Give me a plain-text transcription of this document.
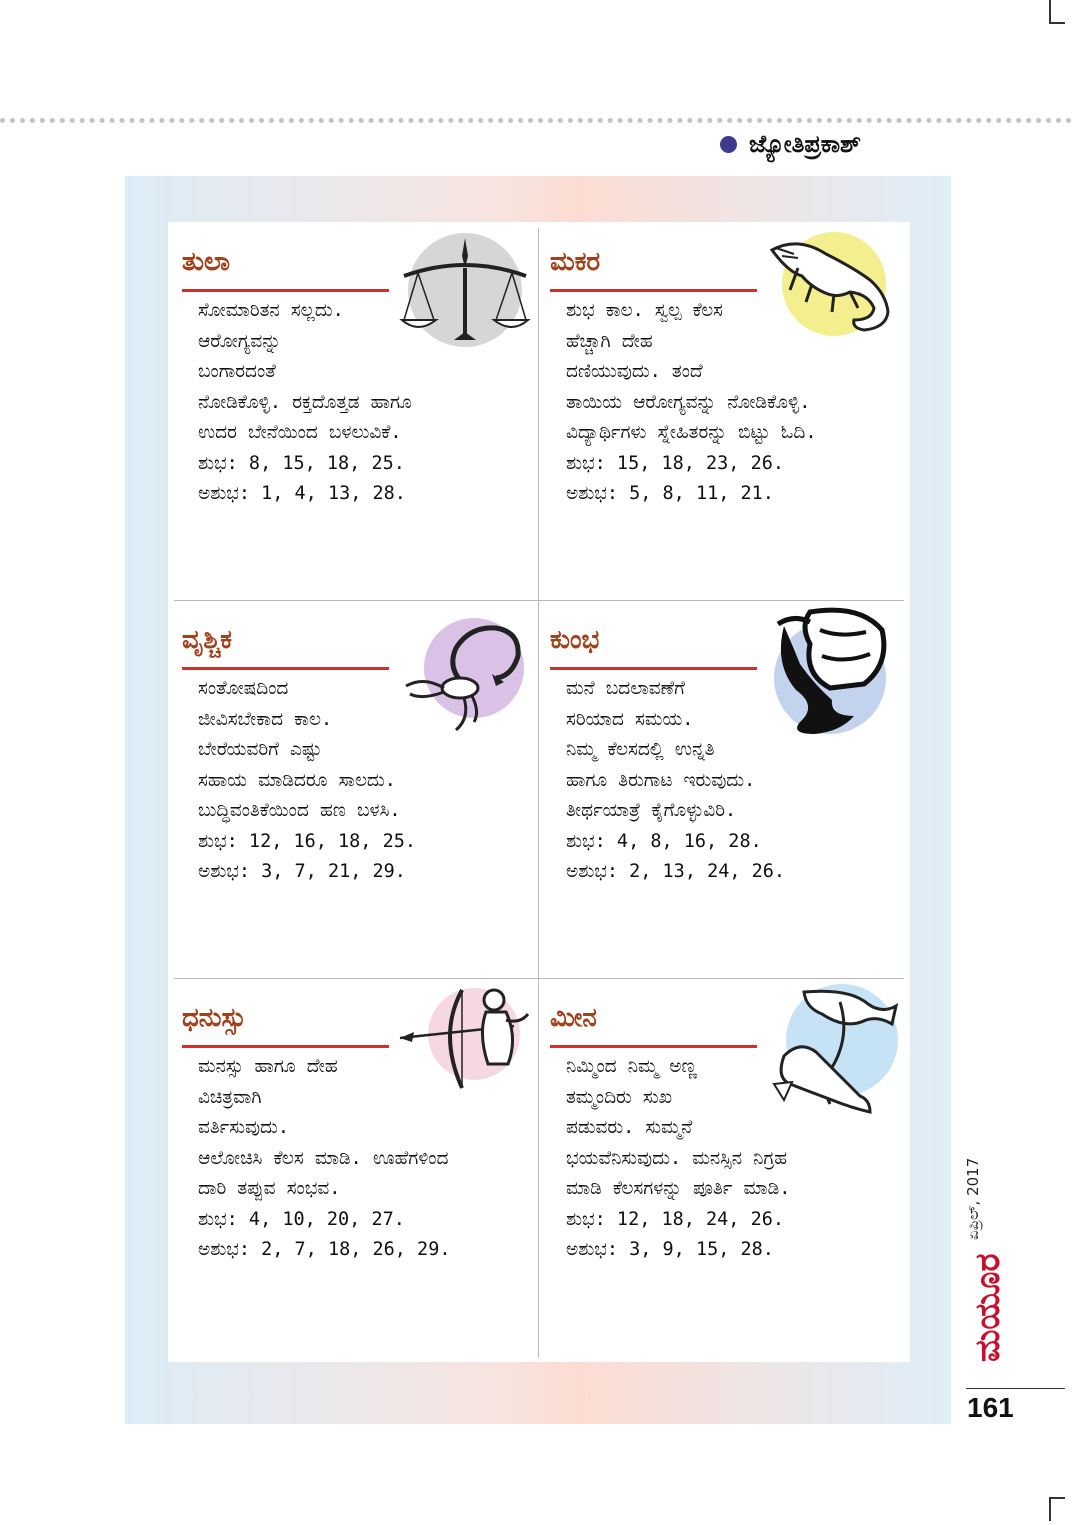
ಜ್ಯೋತಿಪ್ರಕಾಶ್
ತುಲಾ
ಸೋಮಾರಿತನ ಸಲ್ಲದು.
ಆರೋಗ್ಯವನ್ನು
ಬಂಗಾರದಂತೆ
ನೋಡಿಕೊಳ್ಳಿ. ರಕ್ತದೊತ್ತಡ ಹಾಗೂ
ಉದರ ಬೇನೆಯಿಂದ ಬಳಲುವಿಕೆ.
ಶುಭ: 8, 15, 18, 25.
ಅಶುಭ: 1, 4, 13, 28.
ಮಕರ
ಶುಭ ಕಾಲ. ಸ್ವಲ್ಪ ಕೆಲಸ
ಹೆಚ್ಚಾಗಿ ದೇಹ
ದಣಿಯುವುದು. ತಂದೆ
ತಾಯಿಯ ಆರೋಗ್ಯವನ್ನು ನೋಡಿಕೊಳ್ಳಿ.
ವಿದ್ಯಾರ್ಥಿಗಳು ಸ್ನೇಹಿತರನ್ನು ಬಿಟ್ಟು ಓದಿ.
ಶುಭ: 15, 18, 23, 26.
ಅಶುಭ: 5, 8, 11, 21.
ವೃಶ್ಚಿಕ
ಸಂತೋಷದಿಂದ
ಜೀವಿಸಬೇಕಾದ ಕಾಲ.
ಬೇರೆಯವರಿಗೆ ಎಷ್ಟು
ಸಹಾಯ ಮಾಡಿದರೂ ಸಾಲದು.
ಬುದ್ಧಿವಂತಿಕೆಯಿಂದ ಹಣ ಬಳಸಿ.
ಶುಭ: 12, 16, 18, 25.
ಅಶುಭ: 3, 7, 21, 29.
ಕುಂಭ
ಮನೆ ಬದಲಾವಣೆಗೆ
ಸರಿಯಾದ ಸಮಯ.
ನಿಮ್ಮ ಕೆಲಸದಲ್ಲಿ ಉನ್ನತಿ
ಹಾಗೂ ತಿರುಗಾಟ ಇರುವುದು.
ತೀರ್ಥಯಾತ್ರೆ ಕೈಗೊಳ್ಳುವಿರಿ.
ಶುಭ: 4, 8, 16, 28.
ಅಶುಭ: 2, 13, 24, 26.
ಧನುಸ್ಸು
ಮನಸ್ಸು ಹಾಗೂ ದೇಹ
ವಿಚಿತ್ರವಾಗಿ
ವರ್ತಿಸುವುದು.
ಆಲೋಚಿಸಿ ಕೆಲಸ ಮಾಡಿ. ಊಹೆಗಳಿಂದ
ದಾರಿ ತಪ್ಪುವ ಸಂಭವ.
ಶುಭ: 4, 10, 20, 27.
ಅಶುಭ: 2, 7, 18, 26, 29.
ಮೀನ
ನಿಮ್ಮಿಂದ ನಿಮ್ಮ ಅಣ್ಣ
ತಮ್ಮಂದಿರು ಸುಖ
ಪಡುವರು. ಸುಮ್ಮನೆ
ಭಯವೆನಿಸುವುದು. ಮನಸ್ಸಿನ ನಿಗ್ರಹ
ಮಾಡಿ ಕೆಲಸಗಳನ್ನು ಪೂರ್ತಿ ಮಾಡಿ.
ಶುಭ: 12, 18, 24, 26.
ಅಶುಭ: 3, 9, 15, 28.
ಏಪ್ರಿಲ್, 2017
ಮಯೂರ
161
